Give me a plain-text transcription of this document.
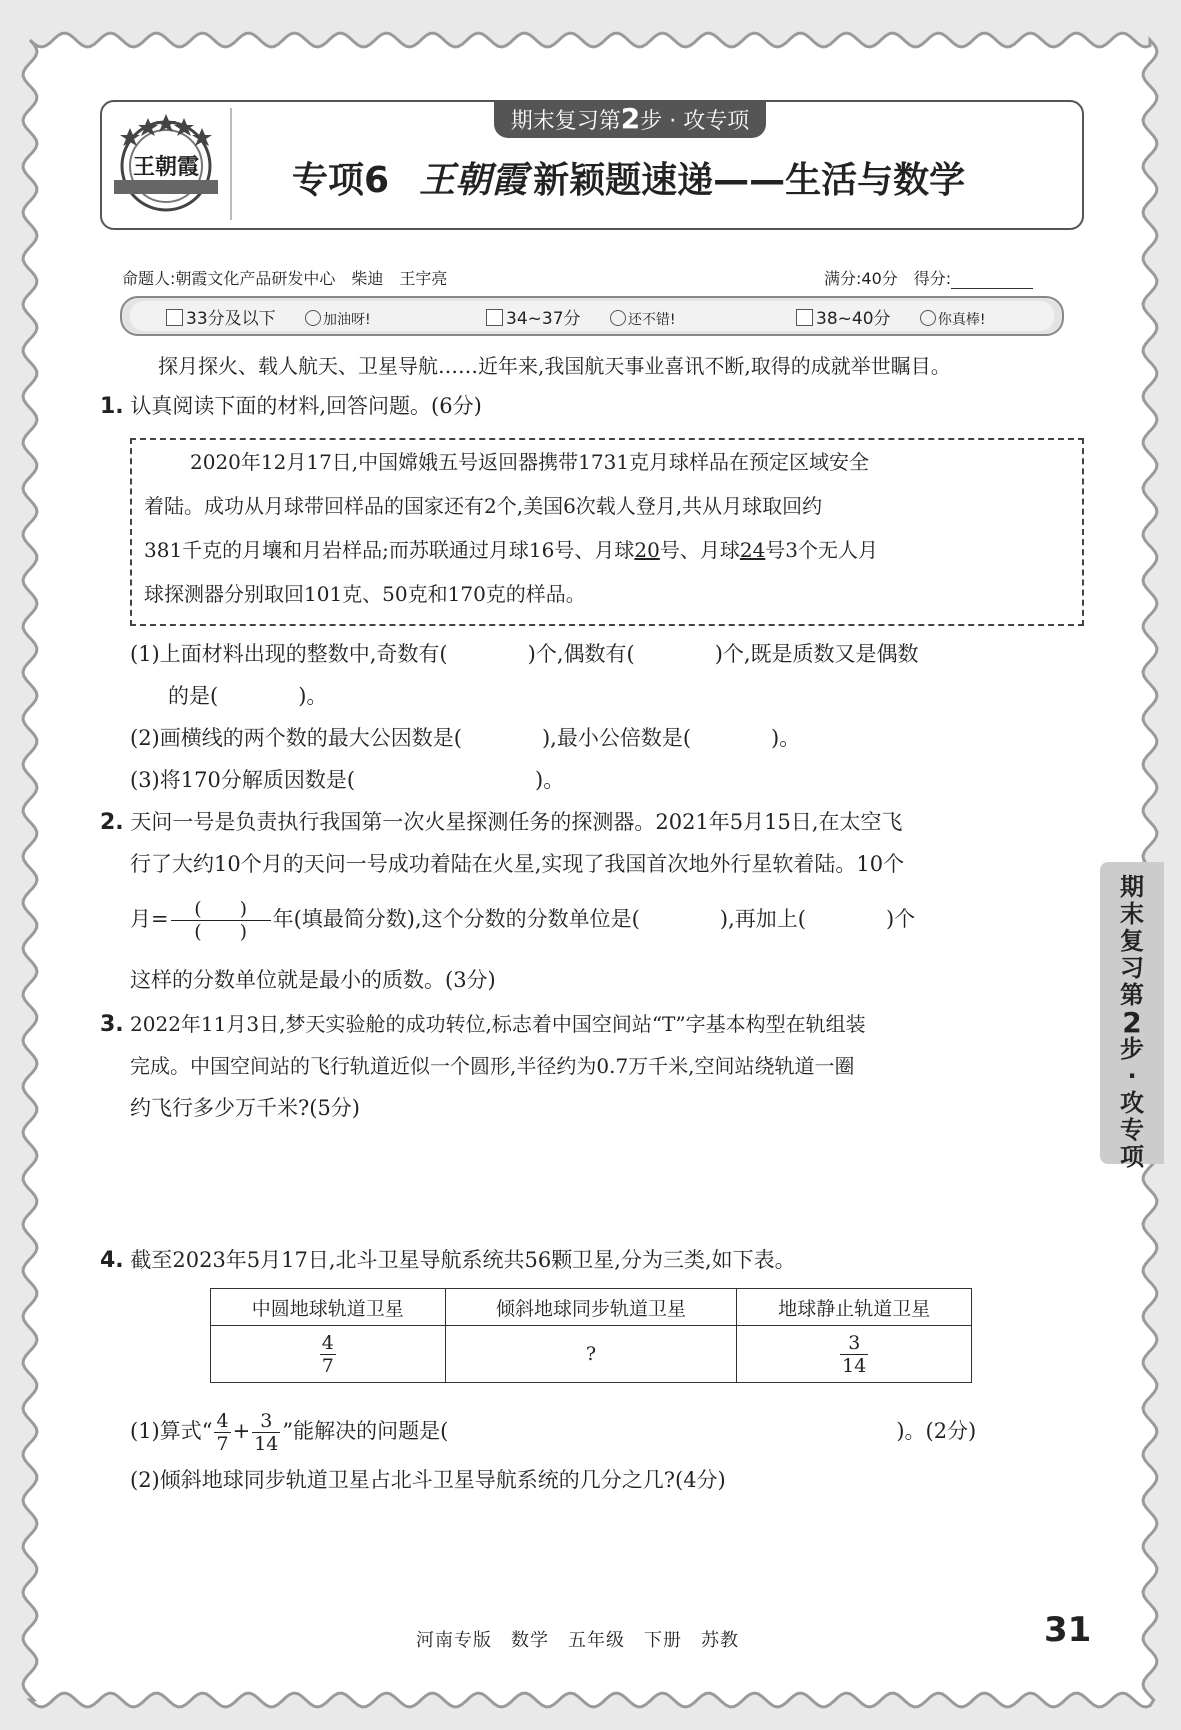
王朝霞
期末复习第2步 · 攻专项
专项6 王朝霞 新颖题速递——生活与数学
命题人:朝霞文化产品研发中心　柴迪　王宇亮	满分:40分　 得分:
33分及以下	加油呀!	34~37分	还不错!	38~40分	你真棒!
探月探火、载人航天、卫星导航……近年来,我国航天事业喜讯不断,取得的成就举世瞩目。
1. 认真阅读下面的材料,回答问题。(6分)
2020年12月17日,中国嫦娥五号返回器携带1731克月球样品在预定区域安全
着陆。成功从月球带回样品的国家还有2个,美国6次载人登月,共从月球取回约
381千克的月壤和月岩样品;而苏联通过月球16号、月球20号、月球24号3个无人月
球探测器分别取回101克、50克和170克的样品。
(1)上面材料出现的整数中,奇数有(	)个,偶数有(	)个,既是质数又是偶数
的是(	)。
(2)画横线的两个数的最大公因数是(	),最小公倍数是(	)。
(3)将170分解质因数是(	)。
2. 天问一号是负责执行我国第一次火星探测任务的探测器。2021年5月15日,在太空飞
行了大约10个月的天问一号成功着陆在火星,实现了我国首次地外行星软着陆。10个
月= $\frac{( )}{( )}$ 年(填最简分数),这个分数的分数单位是(	),再加上(	)个
这样的分数单位就是最小的质数。(3分)
3. 2022年11月3日,梦天实验舱的成功转位,标志着中国空间站“T”字基本构型在轨组装
完成。中国空间站的飞行轨道近似一个圆形,半径约为0.7万千米,空间站绕轨道一圈
约飞行多少万千米?(5分)
4. 截至2023年5月17日,北斗卫星导航系统共56颗卫星,分为三类,如下表。
中圆地球轨道卫星	倾斜地球同步轨道卫星	地球静止轨道卫星

$\frac{4}{7}$	?	$\frac{3}{14}$
(1)算式“ $\frac{4}{7} + \frac{3}{14}$ ”能解决的问题是(	)。(2分)
(2)倾斜地球同步轨道卫星占北斗卫星导航系统的几分之几?(4分)
期
末
复
习
第
2
步
·
攻
专
项
河南专版　数学　五年级　下册　苏教	31
